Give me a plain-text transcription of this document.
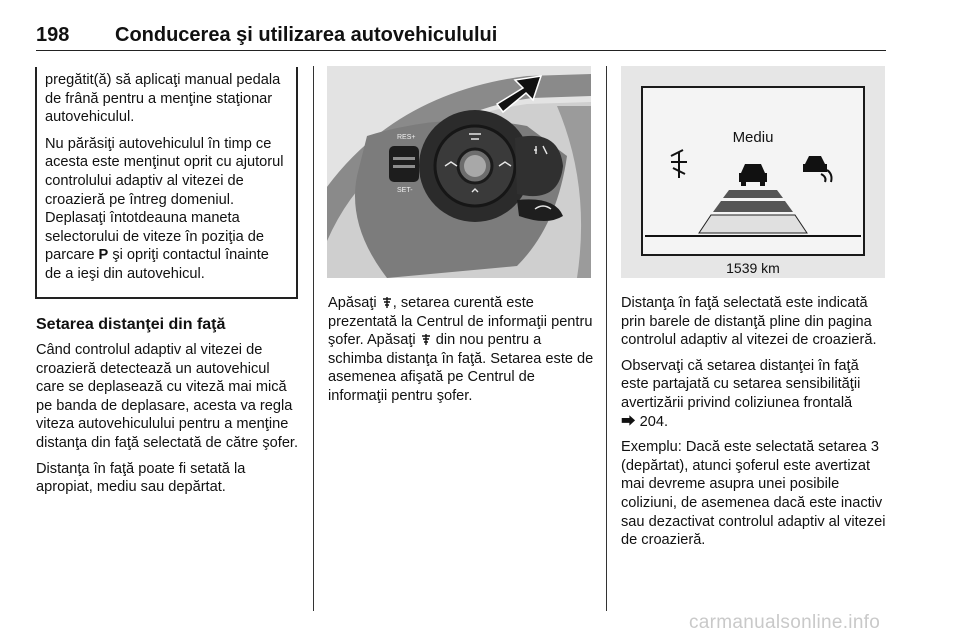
198 Conducerea şi utilizarea autovehiculului

pregătit(ă) să aplicaţi manual pedala de frână pentru a menţine staţionar autovehiculul.

Nu părăsiţi autovehiculul în timp ce acesta este menţinut oprit cu ajutorul controlului adaptiv al vitezei de croazieră pe întreg domeniul. Deplasaţi întotdeauna maneta selectorului de viteze în poziţia de parcare P şi opriţi contactul înainte de a ieşi din autovehicul.

Setarea distanţei din faţă

Când controlul adaptiv al vitezei de croazieră detectează un autovehicul care se deplasează cu viteză mai mică pe banda de deplasare, acesta va regla viteza autovehiculului pentru a menţine distanţa din faţă selectată de către şofer.

Distanţa în faţă poate fi setată la apropiat, mediu sau depărtat.

RES+
SET-

Apăsaţi , setarea curentă este prezentată la Centrul de informaţii pentru şofer. Apăsaţi  din nou pentru a schimba distanţa în faţă. Setarea este de asemenea afişată pe Centrul de informaţii pentru şofer.

Mediu
1539 km

Distanţa în faţă selectată este indicată prin barele de distanţă pline din pagina controlul adaptiv al vitezei de croazieră.

Observaţi că setarea distanţei în faţă este partajată cu setarea sensibilităţii avertizării privind coliziunea frontală
⮕ 204.

Exemplu: Dacă este selectată setarea 3 (depărtat), atunci şoferul este avertizat mai devreme asupra unei posibile coliziuni, de asemenea dacă este inactiv sau dezactivat controlul adaptiv al vitezei de croazieră.

carmanualsonline.info
